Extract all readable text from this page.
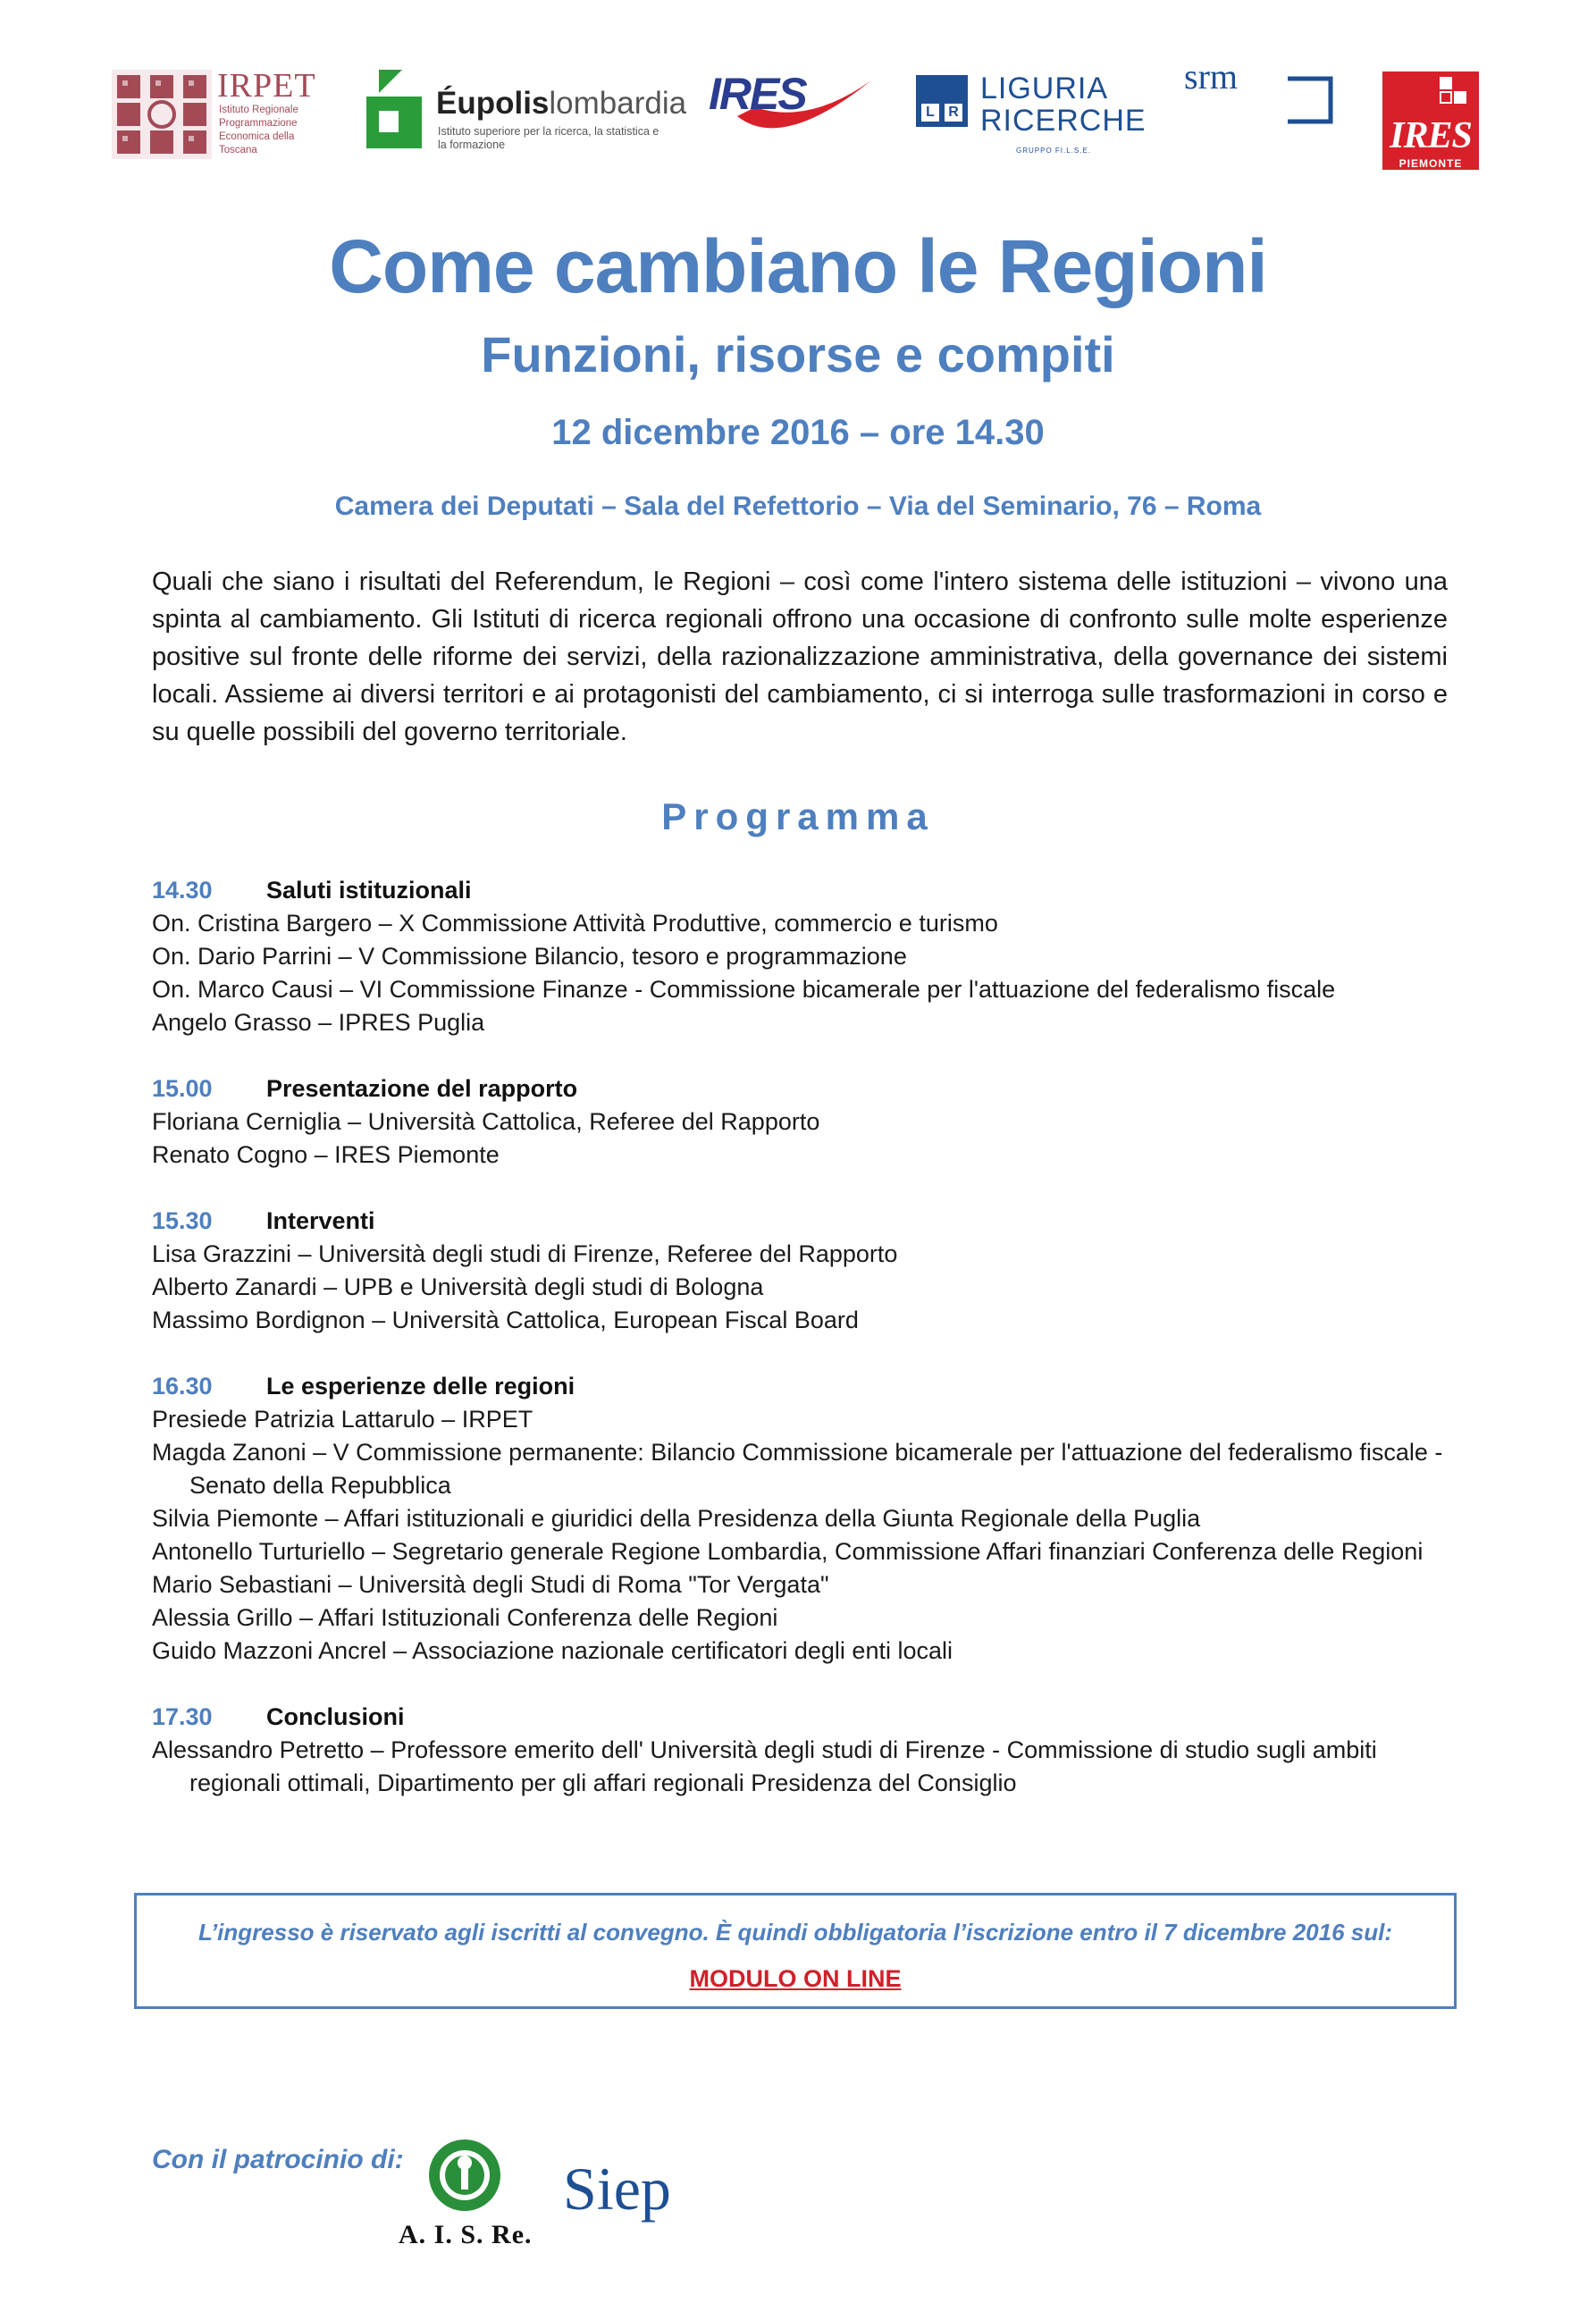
IRPET
Istituto Regionale Programmazione Economica della Toscana
Éupolislombardia
Istituto superiore per la ricerca, la statistica e la formazione
IRES	L R
LIGURIA
RICERCHE
GRUPPO FI.L.S.E.
srm
IRES
PIEMONTE
Come cambiano le Regioni
Funzioni, risorse e compiti
12 dicembre 2016 – ore 14.30
Camera dei Deputati – Sala del Refettorio – Via del Seminario, 76 – Roma
Quali che siano i risultati del Referendum, le Regioni – così come l'intero sistema delle istituzioni – vivono una spinta al cambiamento. Gli Istituti di ricerca regionali offrono una occasione di confronto sulle molte esperienze positive sul fronte delle riforme dei servizi, della razionalizzazione amministrativa, della governance dei sistemi locali. Assieme ai diversi territori e ai protagonisti del cambiamento, ci si interroga sulle trasformazioni in corso e su quelle possibili del governo territoriale.
Programma
14.30 Saluti istituzionali
On. Cristina Bargero – X Commissione Attività Produttive, commercio e turismo
On. Dario Parrini – V Commissione Bilancio, tesoro e programmazione
On. Marco Causi – VI Commissione Finanze - Commissione bicamerale per l'attuazione del federalismo fiscale
Angelo Grasso – IPRES Puglia
15.00 Presentazione del rapporto
Floriana Cerniglia – Università Cattolica, Referee del Rapporto
Renato Cogno – IRES Piemonte
15.30 Interventi
Lisa Grazzini – Università degli studi di Firenze, Referee del Rapporto
Alberto Zanardi – UPB e Università degli studi di Bologna
Massimo Bordignon – Università Cattolica, European Fiscal Board
16.30 Le esperienze delle regioni
Presiede Patrizia Lattarulo – IRPET
Magda Zanoni – V Commissione permanente: Bilancio Commissione bicamerale per l'attuazione del federalismo fiscale - Senato della Repubblica
Silvia Piemonte – Affari istituzionali e giuridici della Presidenza della Giunta Regionale della Puglia
Antonello Turturiello – Segretario generale Regione Lombardia, Commissione Affari finanziari Conferenza delle Regioni
Mario Sebastiani – Università degli Studi di Roma "Tor Vergata"
Alessia Grillo – Affari Istituzionali Conferenza delle Regioni
Guido Mazzoni Ancrel – Associazione nazionale certificatori degli enti locali
17.30 Conclusioni
Alessandro Petretto – Professore emerito dell' Università degli studi di Firenze - Commissione di studio sugli ambiti regionali ottimali, Dipartimento per gli affari regionali Presidenza del Consiglio
L’ingresso è riservato agli iscritti al convegno. È quindi obbligatoria l’iscrizione entro il 7 dicembre 2016 sul:
MODULO ON LINE
Con il patrocinio di:
A. I. S. Re.
Siep
